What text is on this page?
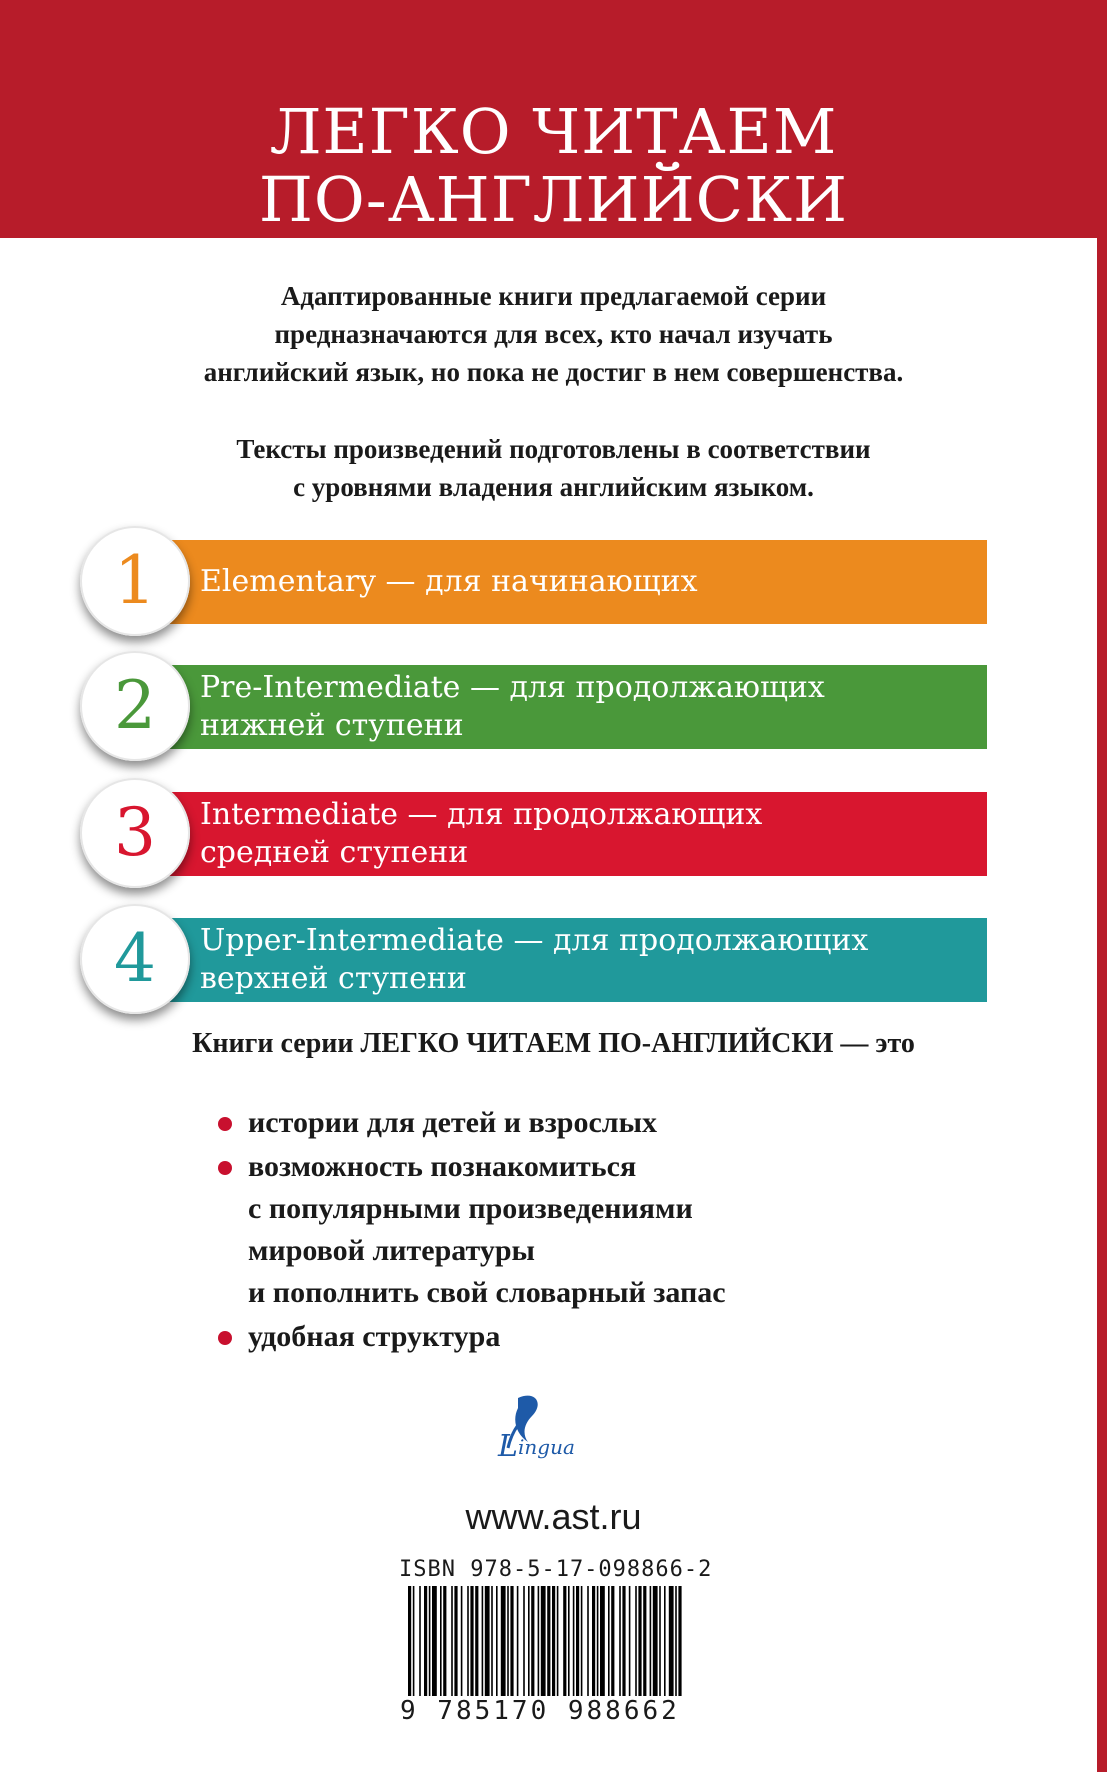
ЛЕГКО ЧИТАЕМ
ПО-АНГЛИЙСКИ
Адаптированные книги предлагаемой серии предназначаются для всех, кто начал изучать английский язык, но пока не достиг в нем совершенства.
Тексты произведений подготовлены в соответствии
с уровнями владения английским языком.
Elementary — для начинающих
1
Pre-Intermediate — для продолжающих
нижней ступени
2
Intermediate — для продолжающих
средней ступени
3
Upper-Intermediate — для продолжающих
верхней ступени
4
Книги серии ЛЕГКО ЧИТАЕМ ПО-АНГЛИЙСКИ — это
истории для детей и взрослых
возможность познакомиться
с популярными произведениями
мировой литературы
и пополнить свой словарный запас
удобная структура
L ingua
www.ast.ru
ISBN 978-5-17-098866-2
9 785170 988662
